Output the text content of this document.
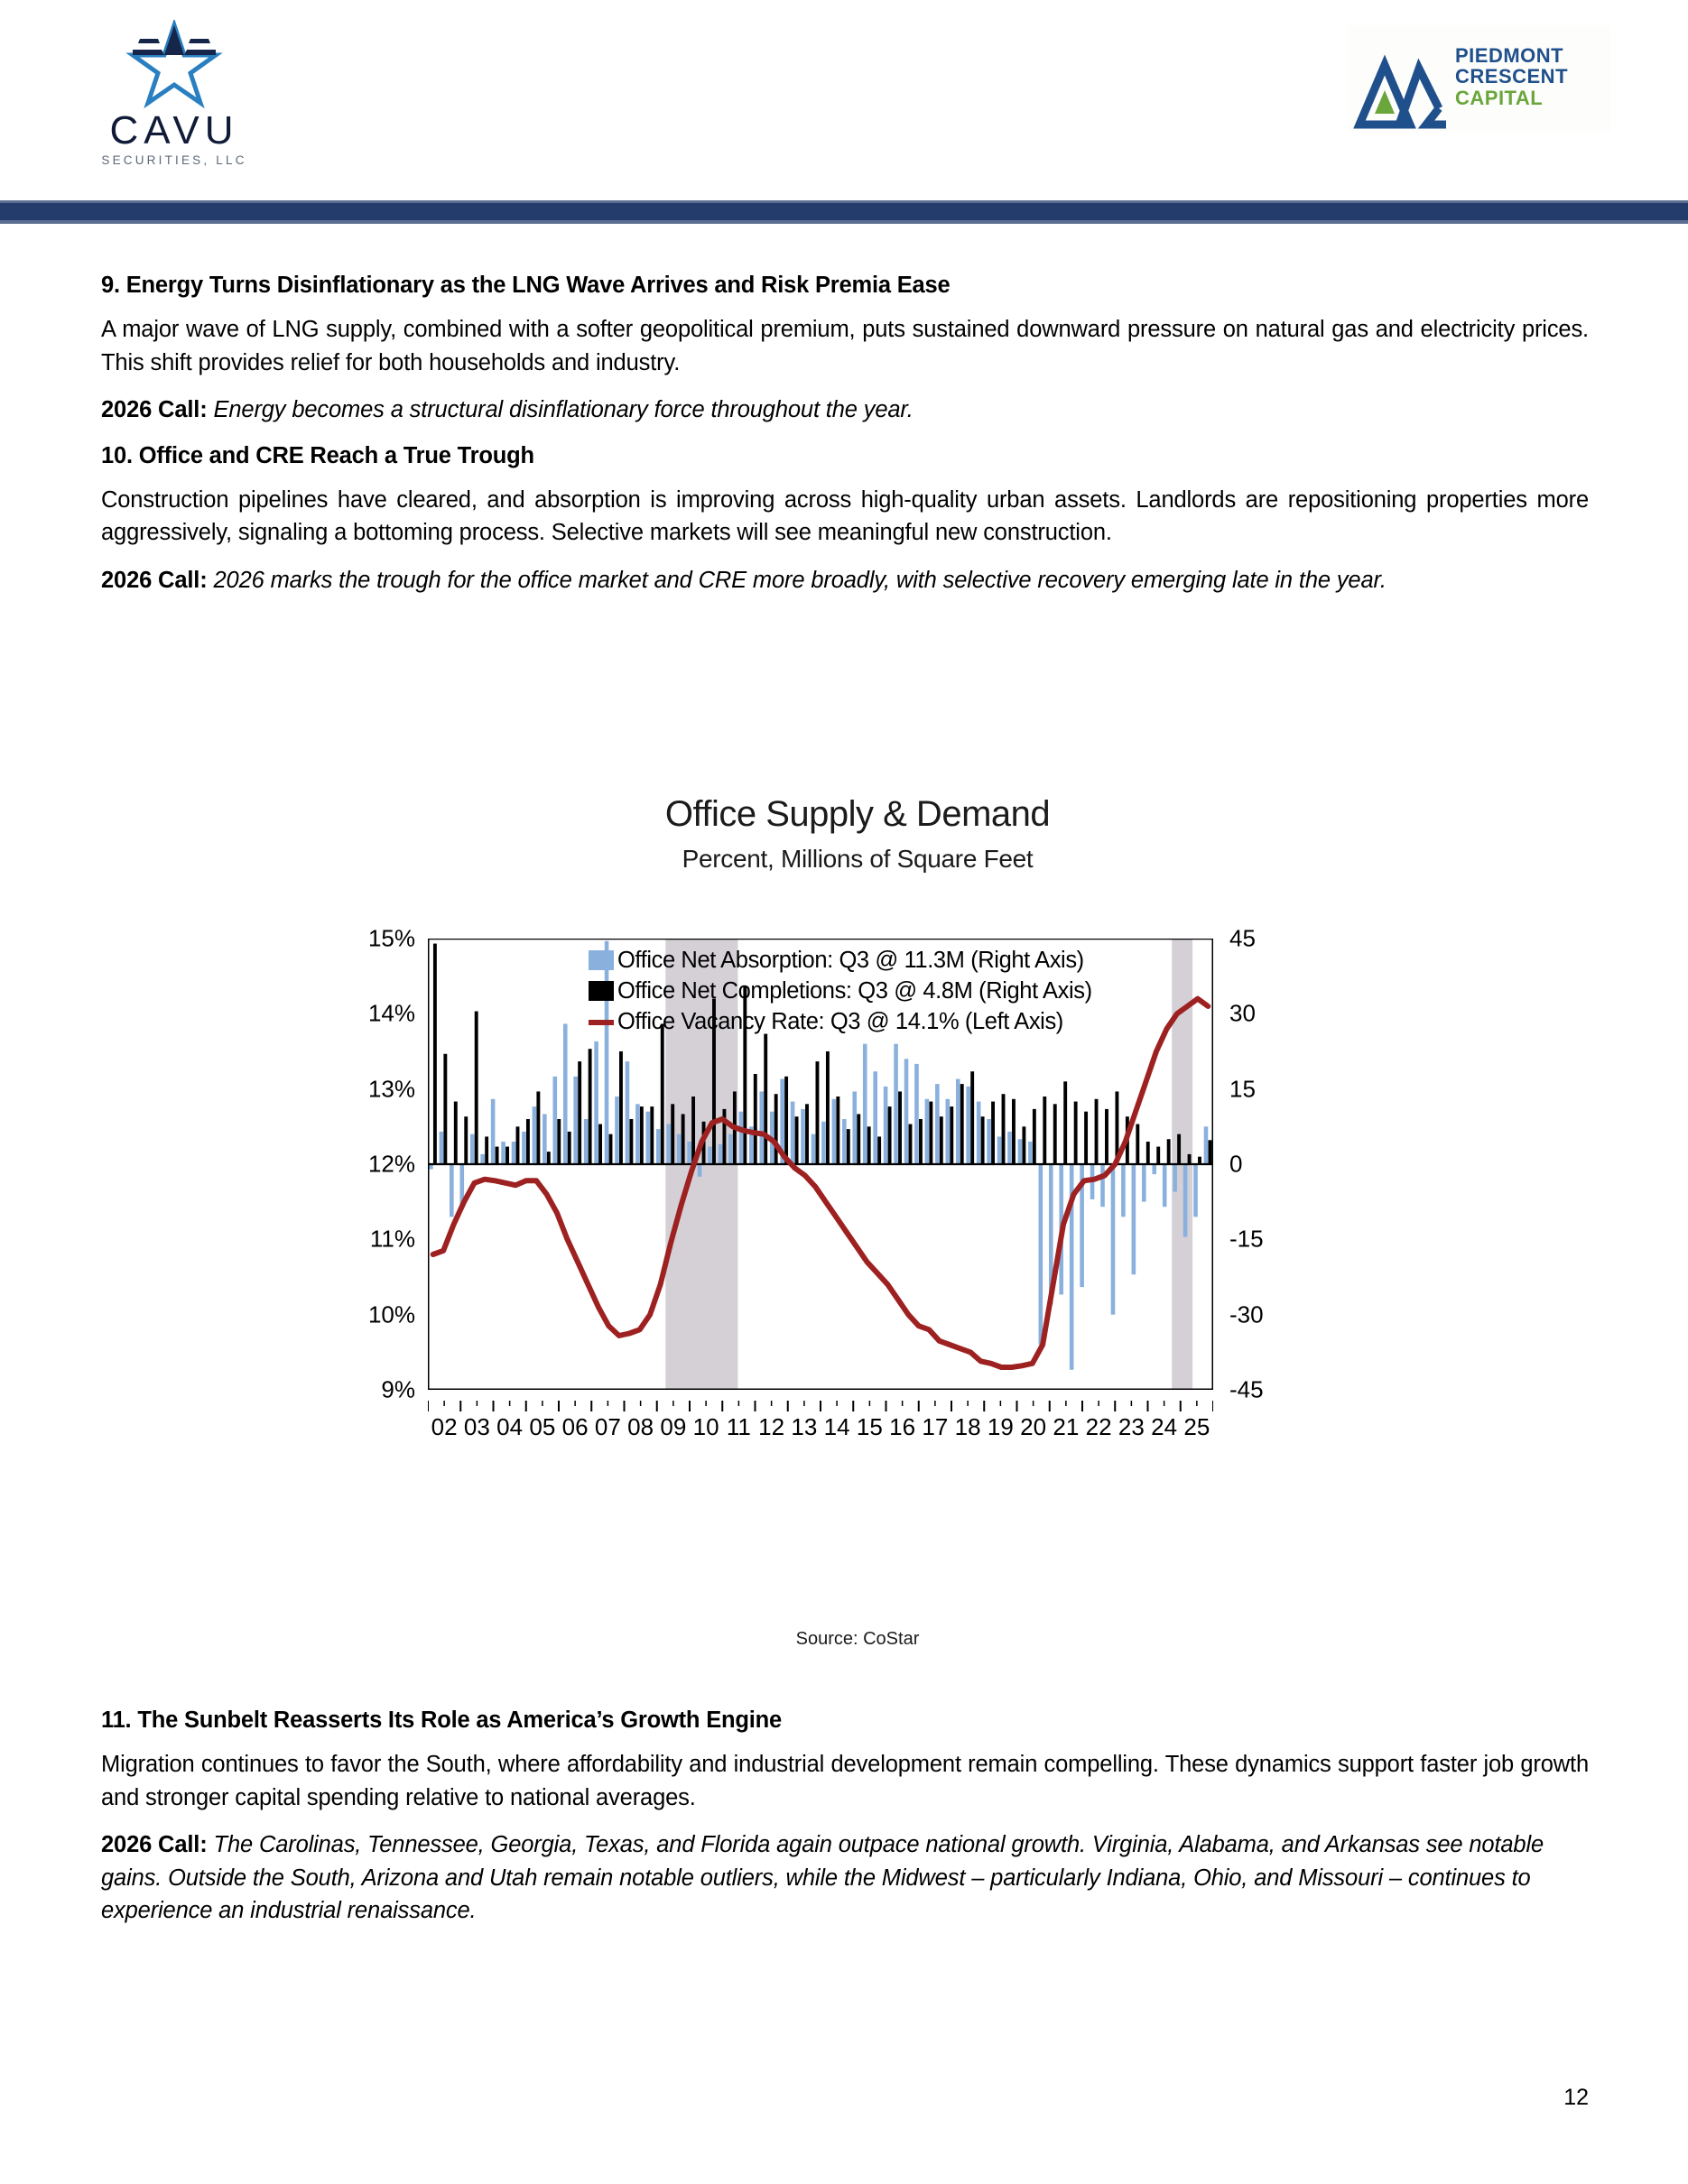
CAVU
SECURITIES, LLC
PIEDMONT
CRESCENT
CAPITAL
9. Energy Turns Disinflationary as the LNG Wave Arrives and Risk Premia Ease

A major wave of LNG supply, combined with a softer geopolitical premium, puts sustained downward pressure on natural gas and electricity prices. This shift provides relief for both households and industry.

2026 Call: Energy becomes a structural disinflationary force throughout the year.

10. Office and CRE Reach a True Trough

Construction pipelines have cleared, and absorption is improving across high-quality urban assets. Landlords are repositioning properties more aggressively, signaling a bottoming process. Selective markets will see meaningful new construction.

2026 Call: 2026 marks the trough for the office market and CRE more broadly, with selective recovery emerging late in the year.

Office Supply & Demand
Percent, Millions of Square Feet
9%
10%
11%
12%
13%
14%
15%
-45
-30
-15
0
15
30
45
Office Net Absorption: Q3 @ 11.3M (Right Axis)
Office Net Completions: Q3 @ 4.8M (Right Axis)
Office Vacancy Rate: Q3 @ 14.1% (Left Axis)
02 03 04 05 06 07 08 09 10 11 12 13 14 15 16 17 18 19 20 21 22 23 24 25
Source: CoStar
11. The Sunbelt Reasserts Its Role as America’s Growth Engine

Migration continues to favor the South, where affordability and industrial development remain compelling. These dynamics support faster job growth and stronger capital spending relative to national averages.

2026 Call: The Carolinas, Tennessee, Georgia, Texas, and Florida again outpace national growth. Virginia, Alabama, and Arkansas see notable gains. Outside the South, Arizona and Utah remain notable outliers, while the Midwest – particularly Indiana, Ohio, and Missouri – continues to experience an industrial renaissance.

12
